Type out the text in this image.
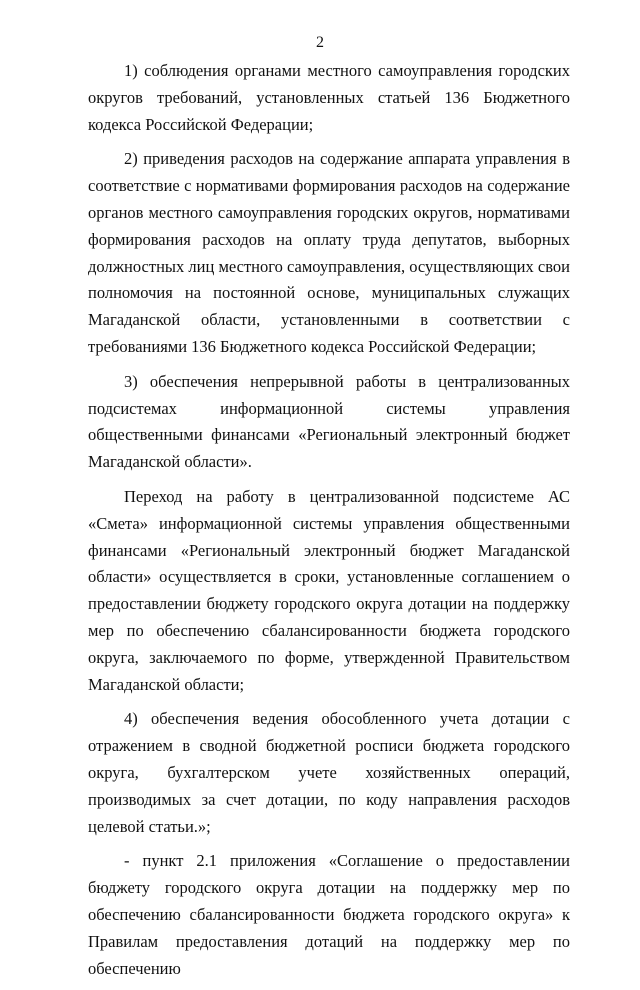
2

1) соблюдения органами местного самоуправления городских округов требований, установленных статьей 136 Бюджетного кодекса Российской Федерации;

2) приведения расходов на содержание аппарата управления в соответствие с нормативами формирования расходов на содержание органов местного самоуправления городских округов, нормативами формирования расходов на оплату труда депутатов, выборных должностных лиц местного самоуправления, осуществляющих свои полномочия на постоянной основе, муниципальных служащих Магаданской области, установленными в соответствии с требованиями 136 Бюджетного кодекса Российской Федерации;

3) обеспечения непрерывной работы в централизованных подсистемах информационной системы управления общественными финансами «Региональный электронный бюджет Магаданской области».

Переход на работу в централизованной подсистеме АС «Смета» информационной системы управления общественными финансами «Региональный электронный бюджет Магаданской области» осуществляется в сроки, установленные соглашением о предоставлении бюджету городского округа дотации на поддержку мер по обеспечению сбалансированности бюджета городского округа, заключаемого по форме, утвержденной Правительством Магаданской области;

4) обеспечения ведения обособленного учета дотации с отражением в сводной бюджетной росписи бюджета городского округа, бухгалтерском учете хозяйственных операций, производимых за счет дотации, по коду направления расходов целевой статьи.»;

- пункт 2.1 приложения «Соглашение о предоставлении бюджету городского округа дотации на поддержку мер по обеспечению сбалансированности бюджета городского округа» к Правилам предоставления дотаций на поддержку мер по обеспечению
